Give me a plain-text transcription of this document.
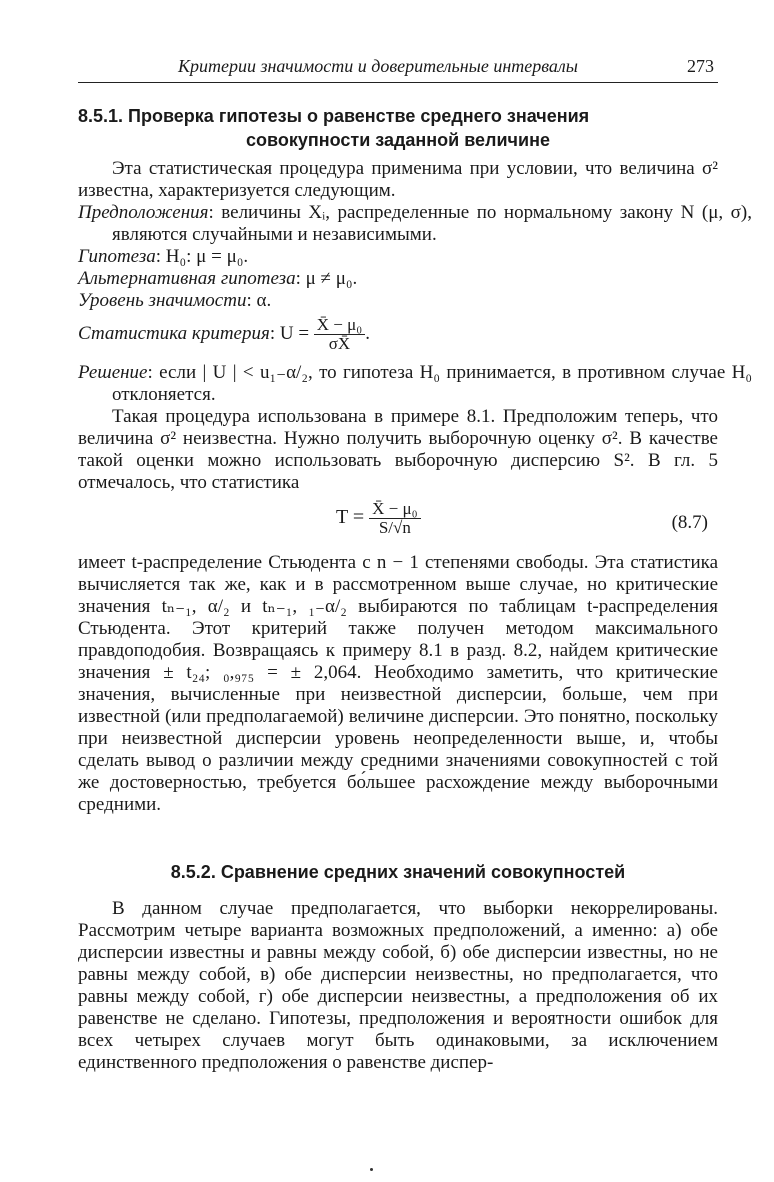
Критерии значимости и доверительные интервалы	273
8.5.1. Проверка гипотезы о равенстве среднего значения
совокупности заданной величине
Эта статистическая процедура применима при условии, что величина σ² известна, характеризуется следующим.
Предположения: величины Xᵢ, распределенные по нормальному закону N (μ, σ), являются случайными и независимыми.
Гипотеза: H₀: μ = μ₀.
Альтернативная гипотеза: μ ≠ μ₀.
Уровень значимости: α.
Статистика критерия: $U = \frac{\text{X̄ − μ₀}}{\sigma X̄}$ .
Решение: если | U | < u₁₋α/₂, то гипотеза H₀ принимается, в противном случае H₀ отклоняется.
Такая процедура использована в примере 8.1. Предположим теперь, что величина σ² неизвестна. Нужно получить выборочную оценку σ². В качестве такой оценки можно использовать выборочную дисперсию S². В гл. 5 отмечалось, что статистика
$T = \frac{\text{X̄ − μ₀}}{S/√n}$	(8.7)
имеет t-распределение Стьюдента с n − 1 степенями свободы. Эта статистика вычисляется так же, как и в рассмотренном выше случае, но критические значения tₙ₋₁, α/₂ и tₙ₋₁, ₁₋α/₂ выбираются по таблицам t-распределения Стьюдента. Этот критерий также получен методом максимального правдоподобия. Возвращаясь к примеру 8.1 в разд. 8.2, найдем критические значения ± t₂₄; ₀,₉₇₅ = ± 2,064. Необходимо заметить, что критические значения, вычисленные при неизвестной дисперсии, больше, чем при известной (или предполагаемой) величине дисперсии. Это понятно, поскольку при неизвестной дисперсии уровень неопределенности выше, и, чтобы сделать вывод о различии между средними значениями совокупностей с той же достоверностью, требуется бо́льшее расхождение между выборочными средними.
8.5.2. Сравнение средних значений совокупностей
В данном случае предполагается, что выборки некоррелированы. Рассмотрим четыре варианта возможных предположений, а именно: а) обе дисперсии известны и равны между собой, б) обе дисперсии известны, но не равны между собой, в) обе дисперсии неизвестны, но предполагается, что равны между собой, г) обе дисперсии неизвестны, а предположения об их равенстве не сделано. Гипотезы, предположения и вероятности ошибок для всех четырех случаев могут быть одинаковыми, за исключением единственного предположения о равенстве диспер-
